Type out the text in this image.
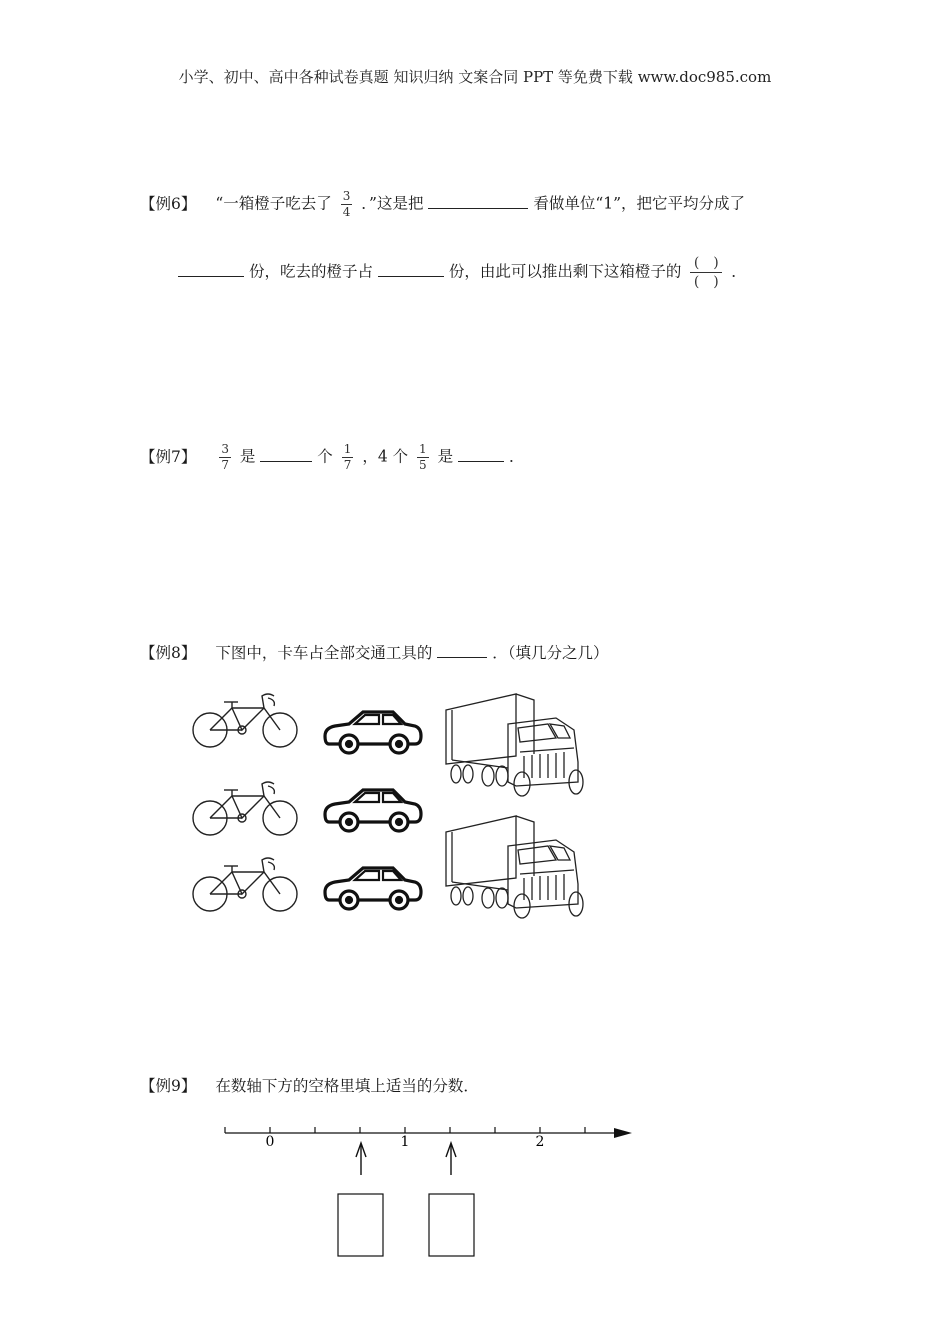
小学、初中、高中各种试卷真题 知识归纳 文案合同 PPT 等免费下载 www.doc985.com
【例6】 “一箱橙子吃去了 $\frac{3}{4}$ ．”这是把	看做单位“1”，把它平均分成了
份，吃去的橙子占	份，由此可以推出剩下这箱橙子的 $\frac{( )}{( )}$ ．
【例7】 $\frac{3}{7}$ 是	个 $\frac{1}{7}$ ，4 个 $\frac{1}{5}$ 是	．
【例8】 下图中，卡车占全部交通工具的	．（填几分之几）
【例9】 在数轴下方的空格里填上适当的分数．
0	1	2
